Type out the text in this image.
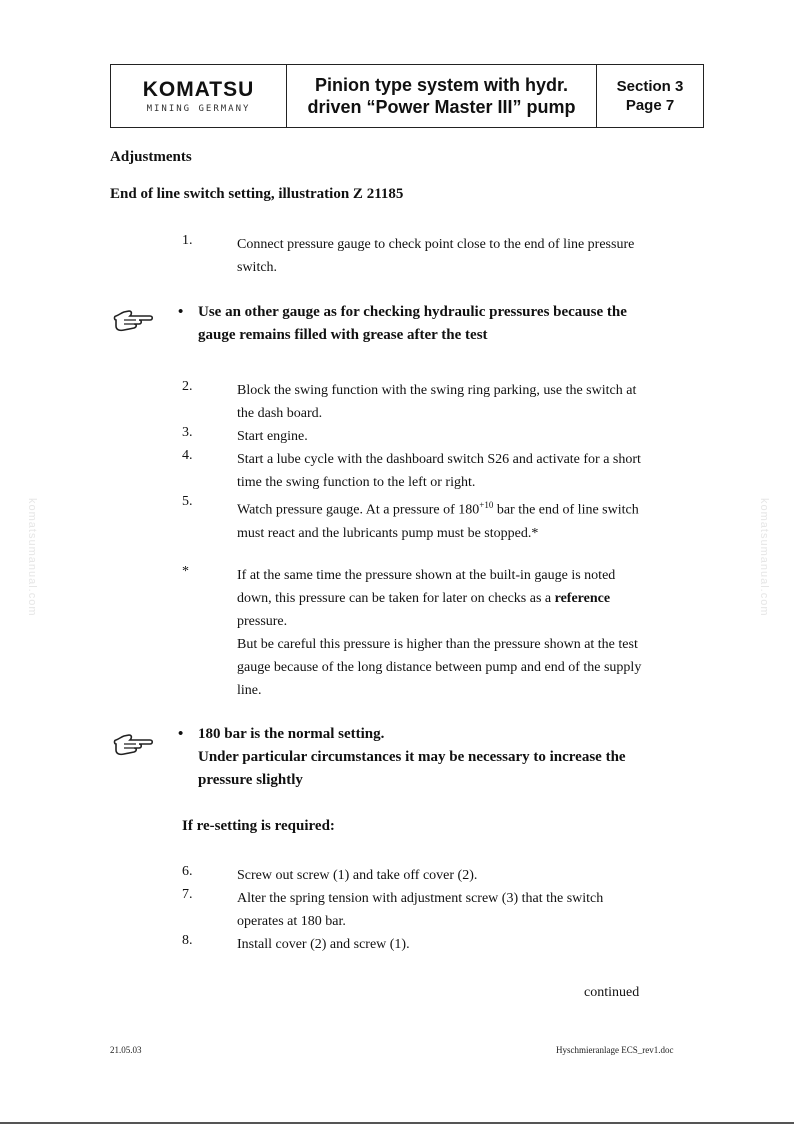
KOMATSU
MINING GERMANY
Pinion type system with hydr.
driven “Power Master III” pump
Section 3
Page 7
Adjustments
End of line switch setting, illustration Z 21185
1.	Connect pressure gauge to check point close to the end of line pressure
switch.
• Use an other gauge as for checking hydraulic pressures because the
gauge remains filled with grease after the test
2.	Block the swing function with the swing ring parking, use the switch at
the dash board.
3.	Start engine.
4.	Start a lube cycle with the dashboard switch S26 and activate for a short
time the swing function to the left or right.
5.
Watch pressure gauge. At a pressure of $180^{+10}$ bar the end of line switch
must react and the lubricants pump must be stopped.*
*	If at the same time the pressure shown at the built-in gauge is noted
down, this pressure can be taken for later on checks as a reference
pressure.
But be careful this pressure is higher than the pressure shown at the test
gauge because of the long distance between pump and end of the supply
line.
• 180 bar is the normal setting.
Under particular circumstances it may be necessary to increase the
pressure slightly
If re-setting is required:
6.	Screw out screw (1) and take off cover (2).
7.	Alter the spring tension with adjustment screw (3) that the switch
operates at 180 bar.
8.	Install cover (2) and screw (1).
continued
21.05.03	Hyschmieranlage ECS_rev1.doc
komatsumanual.com	komatsumanual.com
